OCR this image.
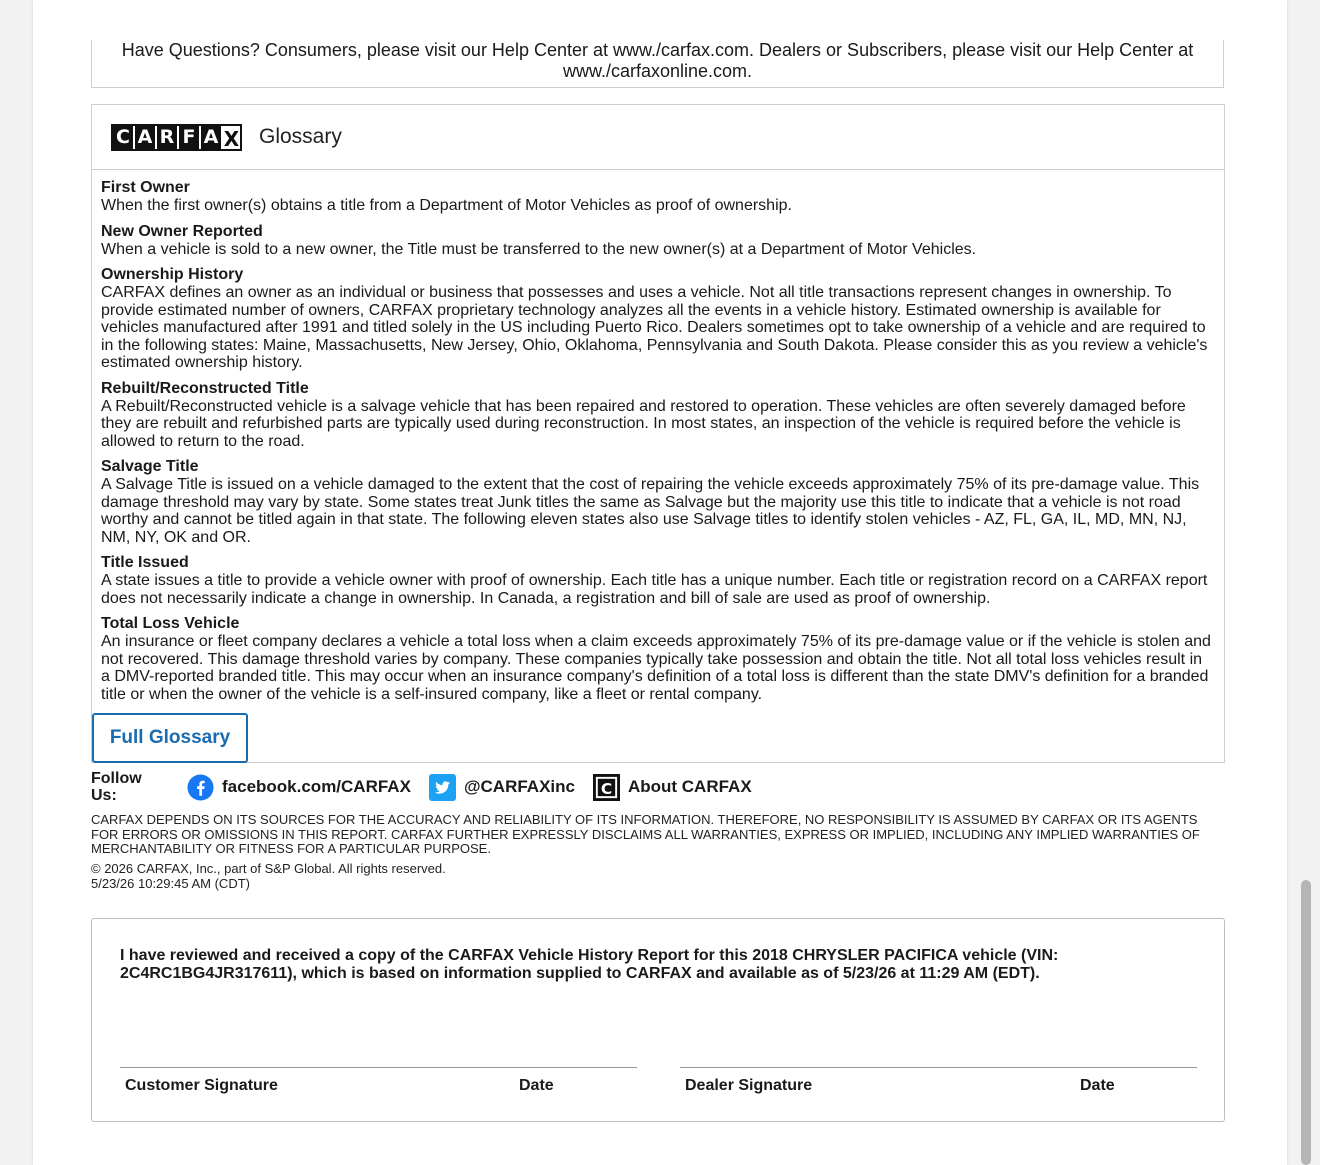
Have Questions? Consumers, please visit our Help Center at www./carfax.com. Dealers or Subscribers, please visit our Help Center at www./carfaxonline.com.
C A R F A X Glossary
First Owner
When the first owner(s) obtains a title from a Department of Motor Vehicles as proof of ownership.
New Owner Reported
When a vehicle is sold to a new owner, the Title must be transferred to the new owner(s) at a Department of Motor Vehicles.
Ownership History
CARFAX defines an owner as an individual or business that possesses and uses a vehicle. Not all title transactions represent changes in ownership. To provide estimated number of owners, CARFAX proprietary technology analyzes all the events in a vehicle history. Estimated ownership is available for vehicles manufactured after 1991 and titled solely in the US including Puerto Rico. Dealers sometimes opt to take ownership of a vehicle and are required to in the following states: Maine, Massachusetts, New Jersey, Ohio, Oklahoma, Pennsylvania and South Dakota. Please consider this as you review a vehicle's estimated ownership history.
Rebuilt/Reconstructed Title
A Rebuilt/Reconstructed vehicle is a salvage vehicle that has been repaired and restored to operation. These vehicles are often severely damaged before they are rebuilt and refurbished parts are typically used during reconstruction. In most states, an inspection of the vehicle is required before the vehicle is allowed to return to the road.
Salvage Title
A Salvage Title is issued on a vehicle damaged to the extent that the cost of repairing the vehicle exceeds approximately 75% of its pre-damage value. This damage threshold may vary by state. Some states treat Junk titles the same as Salvage but the majority use this title to indicate that a vehicle is not road worthy and cannot be titled again in that state. The following eleven states also use Salvage titles to identify stolen vehicles - AZ, FL, GA, IL, MD, MN, NJ, NM, NY, OK and OR.
Title Issued
A state issues a title to provide a vehicle owner with proof of ownership. Each title has a unique number. Each title or registration record on a CARFAX report does not necessarily indicate a change in ownership. In Canada, a registration and bill of sale are used as proof of ownership.
Total Loss Vehicle
An insurance or fleet company declares a vehicle a total loss when a claim exceeds approximately 75% of its pre-damage value or if the vehicle is stolen and not recovered. This damage threshold varies by company. These companies typically take possession and obtain the title. Not all total loss vehicles result in a DMV-reported branded title. This may occur when an insurance company's definition of a total loss is different than the state DMV's definition for a branded title or when the owner of the vehicle is a self-insured company, like a fleet or rental company.
Full Glossary
Follow Us:	facebook.com/CARFAX	@CARFAXinc C About CARFAX
CARFAX DEPENDS ON ITS SOURCES FOR THE ACCURACY AND RELIABILITY OF ITS INFORMATION. THEREFORE, NO RESPONSIBILITY IS ASSUMED BY CARFAX OR ITS AGENTS FOR ERRORS OR OMISSIONS IN THIS REPORT. CARFAX FURTHER EXPRESSLY DISCLAIMS ALL WARRANTIES, EXPRESS OR IMPLIED, INCLUDING ANY IMPLIED WARRANTIES OF MERCHANTABILITY OR FITNESS FOR A PARTICULAR PURPOSE.
© 2026 CARFAX, Inc., part of S&P Global. All rights reserved.
5/23/26 10:29:45 AM (CDT)
I have reviewed and received a copy of the CARFAX Vehicle History Report for this 2018 CHRYSLER PACIFICA vehicle (VIN: 2C4RC1BG4JR317611), which is based on information supplied to CARFAX and available as of 5/23/26 at 11:29 AM (EDT).
Customer Signature	Date	Dealer Signature	Date
